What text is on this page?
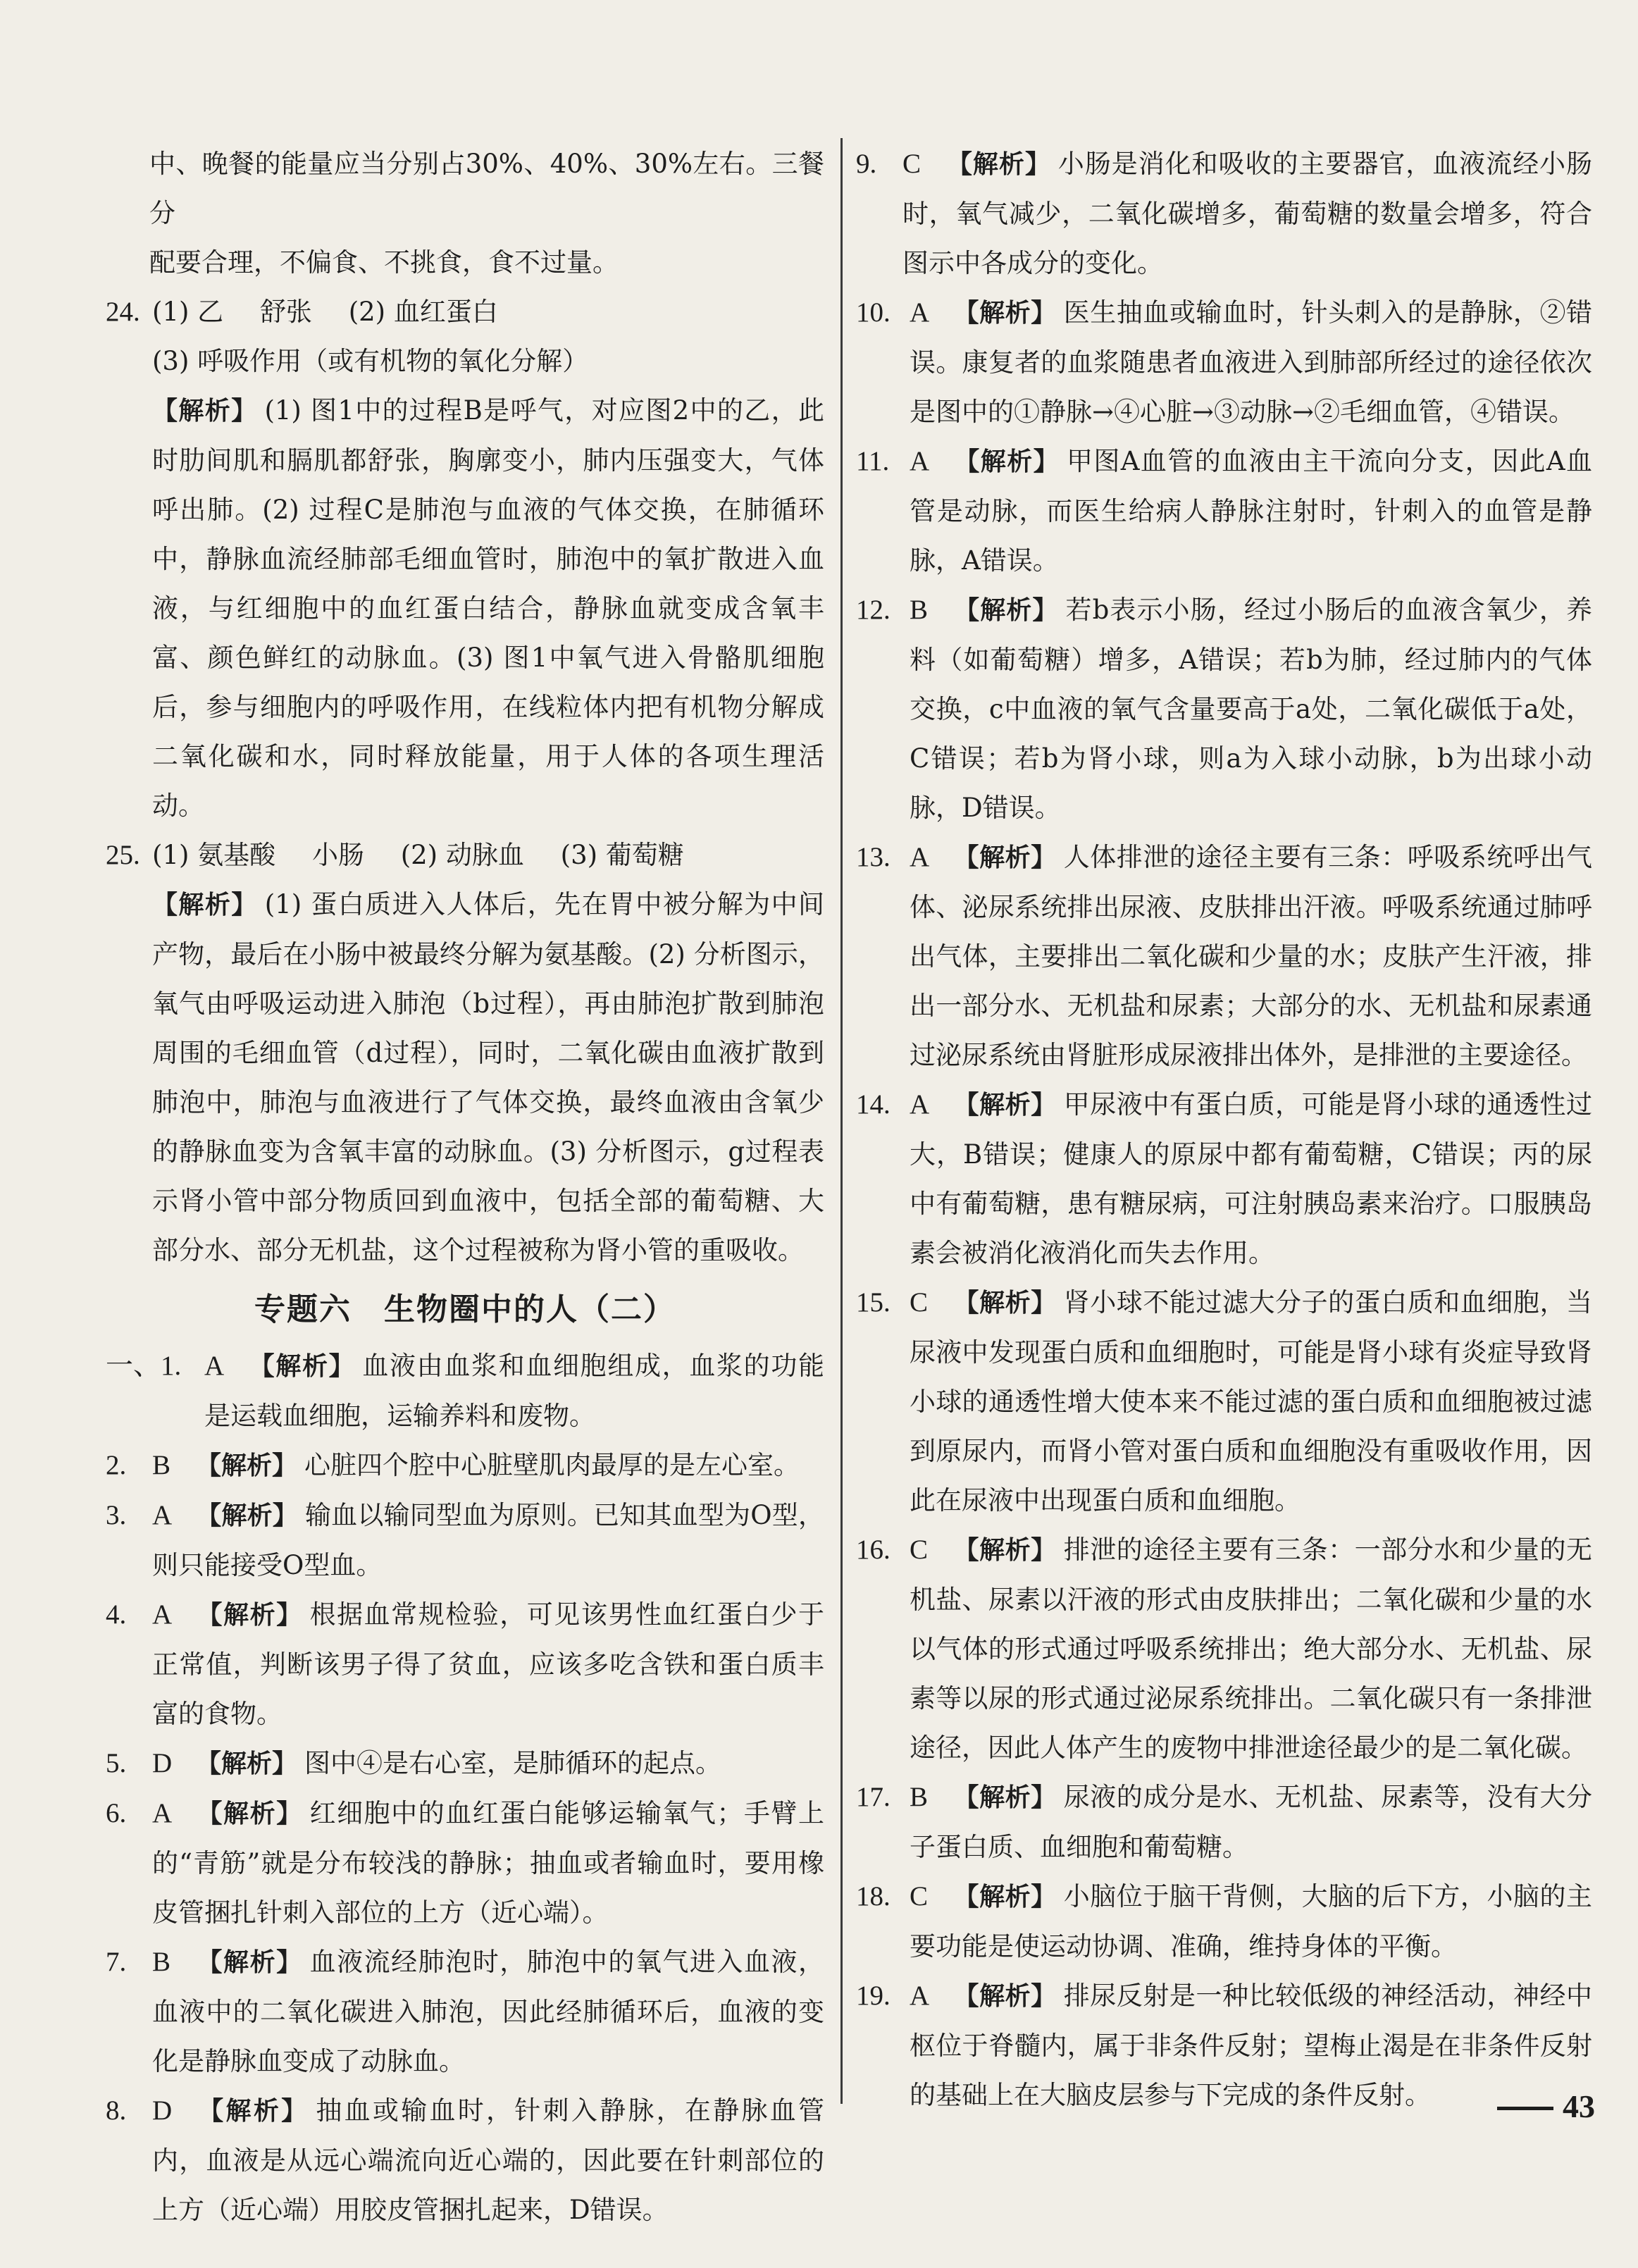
中、晚餐的能量应当分别占30%、40%、30%左右。三餐分
配要合理，不偏食、不挑食，食不过量。
24. (1) 乙 舒张 (2) 血红蛋白
(3) 呼吸作用（或有机物的氧化分解）
【解析】 (1) 图1中的过程B是呼气，对应图2中的乙，此时肋间肌和膈肌都舒张，胸廓变小，肺内压强变大，气体呼出肺。(2) 过程C是肺泡与血液的气体交换，在肺循环中，静脉血流经肺部毛细血管时，肺泡中的氧扩散进入血液，与红细胞中的血红蛋白结合，静脉血就变成含氧丰富、颜色鲜红的动脉血。(3) 图1中氧气进入骨骼肌细胞后，参与细胞内的呼吸作用，在线粒体内把有机物分解成二氧化碳和水，同时释放能量，用于人体的各项生理活动。
25. (1) 氨基酸 小肠 (2) 动脉血 (3) 葡萄糖
【解析】 (1) 蛋白质进入人体后，先在胃中被分解为中间产物，最后在小肠中被最终分解为氨基酸。(2) 分析图示，氧气由呼吸运动进入肺泡（b过程），再由肺泡扩散到肺泡周围的毛细血管（d过程），同时，二氧化碳由血液扩散到肺泡中，肺泡与血液进行了气体交换，最终血液由含氧少的静脉血变为含氧丰富的动脉血。(3) 分析图示，g过程表示肾小管中部分物质回到血液中，包括全部的葡萄糖、大部分水、部分无机盐，这个过程被称为肾小管的重吸收。
专题六　生物圈中的人（二）
一、1. A 【解析】 血液由血浆和血细胞组成，血浆的功能是运载血细胞，运输养料和废物。
2. B 【解析】 心脏四个腔中心脏壁肌肉最厚的是左心室。
3. A 【解析】 输血以输同型血为原则。已知其血型为O型，则只能接受O型血。
4. A 【解析】 根据血常规检验，可见该男性血红蛋白少于正常值，判断该男子得了贫血，应该多吃含铁和蛋白质丰富的食物。
5. D 【解析】 图中④是右心室，是肺循环的起点。
6. A 【解析】 红细胞中的血红蛋白能够运输氧气；手臂上的“青筋”就是分布较浅的静脉；抽血或者输血时，要用橡皮管捆扎针刺入部位的上方（近心端）。
7. B 【解析】 血液流经肺泡时，肺泡中的氧气进入血液，血液中的二氧化碳进入肺泡，因此经肺循环后，血液的变化是静脉血变成了动脉血。
8. D 【解析】 抽血或输血时，针刺入静脉，在静脉血管内，血液是从远心端流向近心端的，因此要在针刺部位的上方（近心端）用胶皮管捆扎起来，D错误。
9. C 【解析】 小肠是消化和吸收的主要器官，血液流经小肠时，氧气减少，二氧化碳增多，葡萄糖的数量会增多，符合图示中各成分的变化。
10. A 【解析】 医生抽血或输血时，针头刺入的是静脉，②错误。康复者的血浆随患者血液进入到肺部所经过的途径依次是图中的①静脉→④心脏→③动脉→②毛细血管，④错误。
11. A 【解析】 甲图A血管的血液由主干流向分支，因此A血管是动脉，而医生给病人静脉注射时，针刺入的血管是静脉，A错误。
12. B 【解析】 若b表示小肠，经过小肠后的血液含氧少，养料（如葡萄糖）增多，A错误；若b为肺，经过肺内的气体交换，c中血液的氧气含量要高于a处，二氧化碳低于a处，C错误；若b为肾小球，则a为入球小动脉，b为出球小动脉，D错误。
13. A 【解析】 人体排泄的途径主要有三条：呼吸系统呼出气体、泌尿系统排出尿液、皮肤排出汗液。呼吸系统通过肺呼出气体，主要排出二氧化碳和少量的水；皮肤产生汗液，排出一部分水、无机盐和尿素；大部分的水、无机盐和尿素通过泌尿系统由肾脏形成尿液排出体外，是排泄的主要途径。
14. A 【解析】 甲尿液中有蛋白质，可能是肾小球的通透性过大，B错误；健康人的原尿中都有葡萄糖，C错误；丙的尿中有葡萄糖，患有糖尿病，可注射胰岛素来治疗。口服胰岛素会被消化液消化而失去作用。
15. C 【解析】 肾小球不能过滤大分子的蛋白质和血细胞，当尿液中发现蛋白质和血细胞时，可能是肾小球有炎症导致肾小球的通透性增大使本来不能过滤的蛋白质和血细胞被过滤到原尿内，而肾小管对蛋白质和血细胞没有重吸收作用，因此在尿液中出现蛋白质和血细胞。
16. C 【解析】 排泄的途径主要有三条：一部分水和少量的无机盐、尿素以汗液的形式由皮肤排出；二氧化碳和少量的水以气体的形式通过呼吸系统排出；绝大部分水、无机盐、尿素等以尿的形式通过泌尿系统排出。二氧化碳只有一条排泄途径，因此人体产生的废物中排泄途径最少的是二氧化碳。
17. B 【解析】 尿液的成分是水、无机盐、尿素等，没有大分子蛋白质、血细胞和葡萄糖。
18. C 【解析】 小脑位于脑干背侧，大脑的后下方，小脑的主要功能是使运动协调、准确，维持身体的平衡。
19. A 【解析】 排尿反射是一种比较低级的神经活动，神经中枢位于脊髓内，属于非条件反射；望梅止渴是在非条件反射的基础上在大脑皮层参与下完成的条件反射。	43
